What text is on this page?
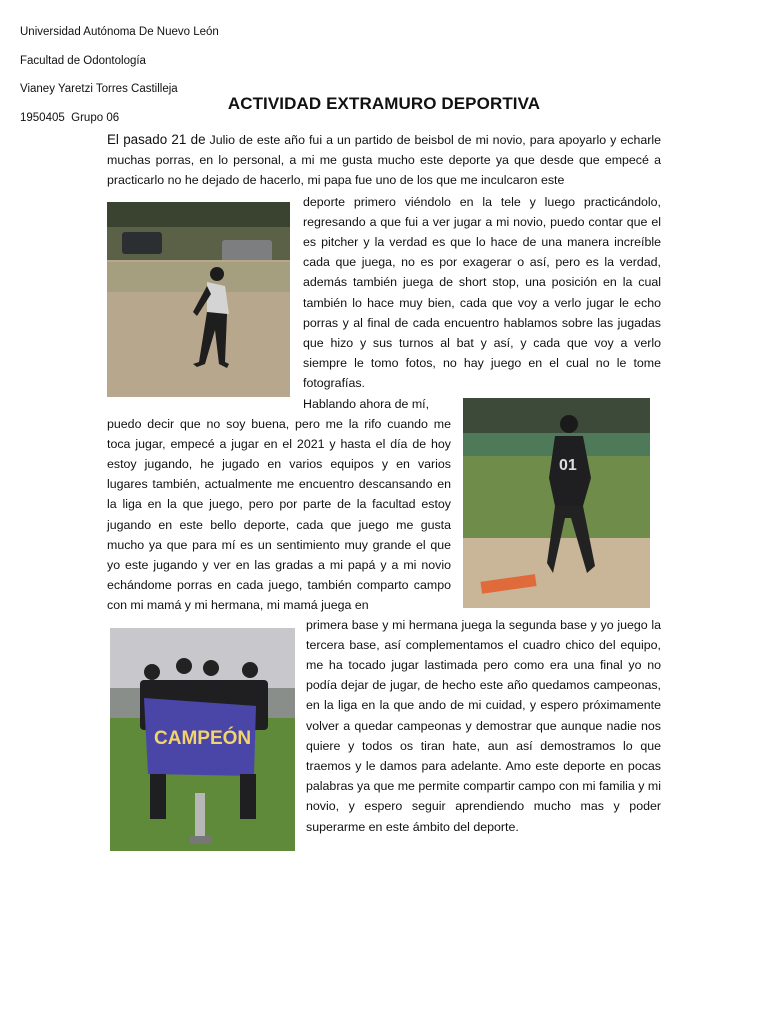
Universidad Autónoma De Nuevo León
Facultad de Odontología
Vianey Yaretzi Torres Castilleja
1950405  Grupo 06
ACTIVIDAD EXTRAMURO DEPORTIVA

El pasado 21 de Julio de este año fui a un partido de beisbol de mi novio, para apoyarlo y echarle muchas porras, en lo personal, a mi me gusta mucho este deporte ya que desde que empecé a practicarlo no he dejado de hacerlo, mi papa fue uno de los que me inculcaron este

deporte primero viéndolo en la tele y luego practicándolo, regresando a que fui a ver jugar a mi novio, puedo contar que el es pitcher y la verdad es que lo hace de una manera increíble cada que juega, no es por exagerar o así, pero es la verdad, además también juega de short stop, una posición en la cual también lo hace muy bien, cada que voy a verlo jugar le echo porras y al final de cada encuentro hablamos sobre las jugadas que hizo y sus turnos al bat y así, y cada que voy a verlo siempre le tomo fotos, no hay juego en el cual no le tome fotografías.

01

Hablando ahora de mí,

puedo decir que no soy buena, pero me la rifo cuando me toca jugar, empecé a jugar en el 2021 y hasta el día de hoy estoy jugando, he jugado en varios equipos y en varios lugares también, actualmente me encuentro descansando en la liga en la que juego, pero por parte de la facultad estoy jugando en este bello deporte, cada que juego me gusta mucho ya que para mí es un sentimiento muy grande el que yo este jugando y ver en las gradas a mi papá y a mi novio echándome porras en cada juego, también comparto campo con mi mamá y mi hermana, mi mamá juega en

CAMPEÓN

primera base y mi hermana juega la segunda base y yo juego la tercera base, así complementamos el cuadro chico del equipo, me ha tocado jugar lastimada pero como era una final yo no podía dejar de jugar, de hecho este año quedamos campeonas, en la liga en la que ando de mi cuidad, y espero próximamente volver a quedar campeonas y demostrar que aunque nadie nos quiere y todos os tiran hate, aun así demostramos lo que traemos y le damos para adelante. Amo este deporte en pocas palabras ya que me permite compartir campo con mi familia y mi novio, y espero seguir aprendiendo mucho mas y poder superarme en este ámbito del deporte.
